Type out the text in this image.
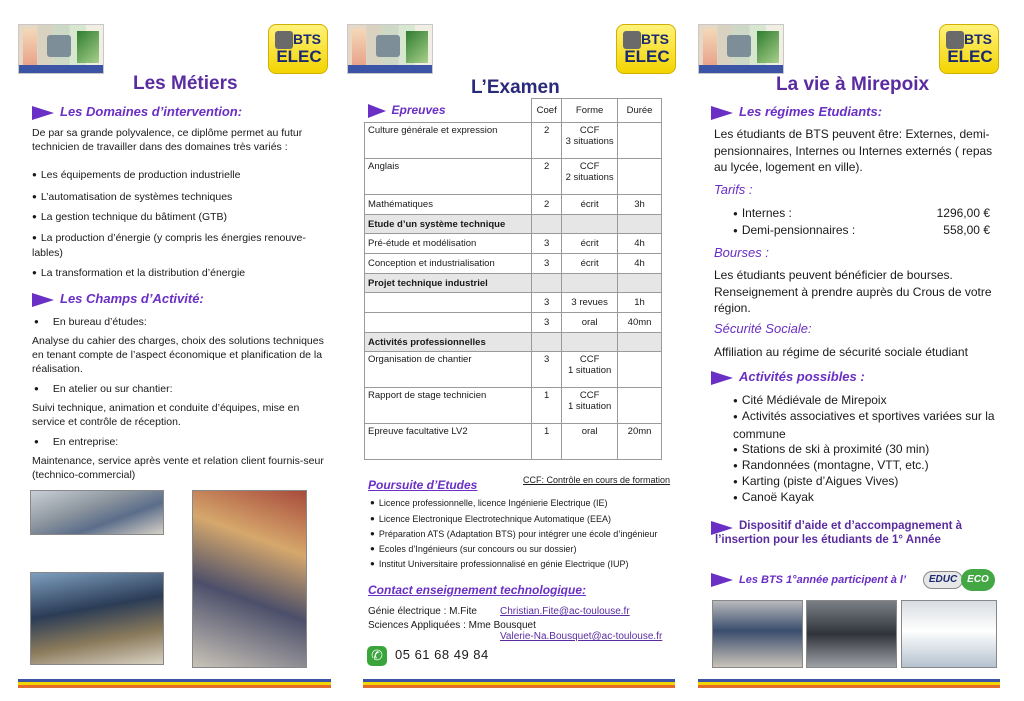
BTS
ELEC
Les Métiers
Les Domaines d’intervention:
De par sa grande polyvalence, ce diplôme permet au futur technicien de travailler dans des domaines très variés :
● Les équipements de production industrielle
● L’automatisation de systèmes techniques
● La gestion technique du bâtiment (GTB)
● La production d’énergie (y compris les énergies renouve-lables)
● La transformation et la distribution d’énergie
Les Champs d’Activité:
● En bureau d’études:
Analyse du cahier des charges, choix des solutions techniques en tenant compte de l’aspect économique et planification de la réalisation.
● En atelier ou sur chantier:
Suivi technique, animation et conduite d’équipes, mise en service et contrôle de réception.
● En entreprise:
Maintenance, service après vente et relation client fournis-seur (technico-commercial)
BTS
ELEC
L’Examen
Epreuves	Coef	Forme	Durée
Culture générale et expression	2	CCF
3 situations	
Anglais	2	CCF
2 situations	
Mathématiques	2	écrit	3h
Etude d’un système technique			
Pré-étude et modélisation	3	écrit	4h
Conception et industrialisation	3	écrit	4h
Projet technique industriel			
	3	3 revues	1h
	3	oral	40mn
Activités professionnelles			
Organisation de chantier	3	CCF
1 situation	
Rapport de stage technicien	1	CCF
1 situation	
Epreuve facultative LV2	1	oral	20mn
CCF: Contrôle en cours de formation
Poursuite d’Etudes
● Licence professionnelle, licence Ingénierie Electrique (IE)
● Licence Electronique Electrotechnique Automatique (EEA)
● Préparation ATS (Adaptation BTS) pour intégrer une école d’ingénieur
● Ecoles d’Ingénieurs (sur concours ou sur dossier)
● Institut Universitaire professionnalisé en génie Electrique (IUP)
Contact enseignement technologique:
Génie électrique : M.Fite Christian.Fite@ac-toulouse.fr
Sciences Appliquées : Mme Bousquet
Valerie-Na.Bousquet@ac-toulouse.fr
✆ 05 61 68 49 84
BTS
ELEC
La vie à Mirepoix
Les régimes Etudiants:
Les étudiants de BTS peuvent être: Externes, demi-pensionnaires, Internes ou Internes externés ( repas au lycée, logement en ville).
Tarifs :
● Internes :	1296,00 €
● Demi-pensionnaires :	558,00 €
Bourses :
Les étudiants peuvent bénéficier de bourses. Renseignement à prendre auprès du Crous de votre région.
Sécurité Sociale:
Affiliation au régime de sécurité sociale étudiant
Activités possibles :
● Cité Médiévale de Mirepoix
● Activités associatives et sportives variées sur la commune
● Stations de ski à proximité (30 min)
● Randonnées (montagne, VTT, etc.)
● Karting (piste d’Aigues Vives)
● Canoë Kayak
Dispositif d’aide et d’accompagnement à l’insertion pour les étudiants de 1° Année
Les BTS 1°année participent à l’	EDUC ECO
